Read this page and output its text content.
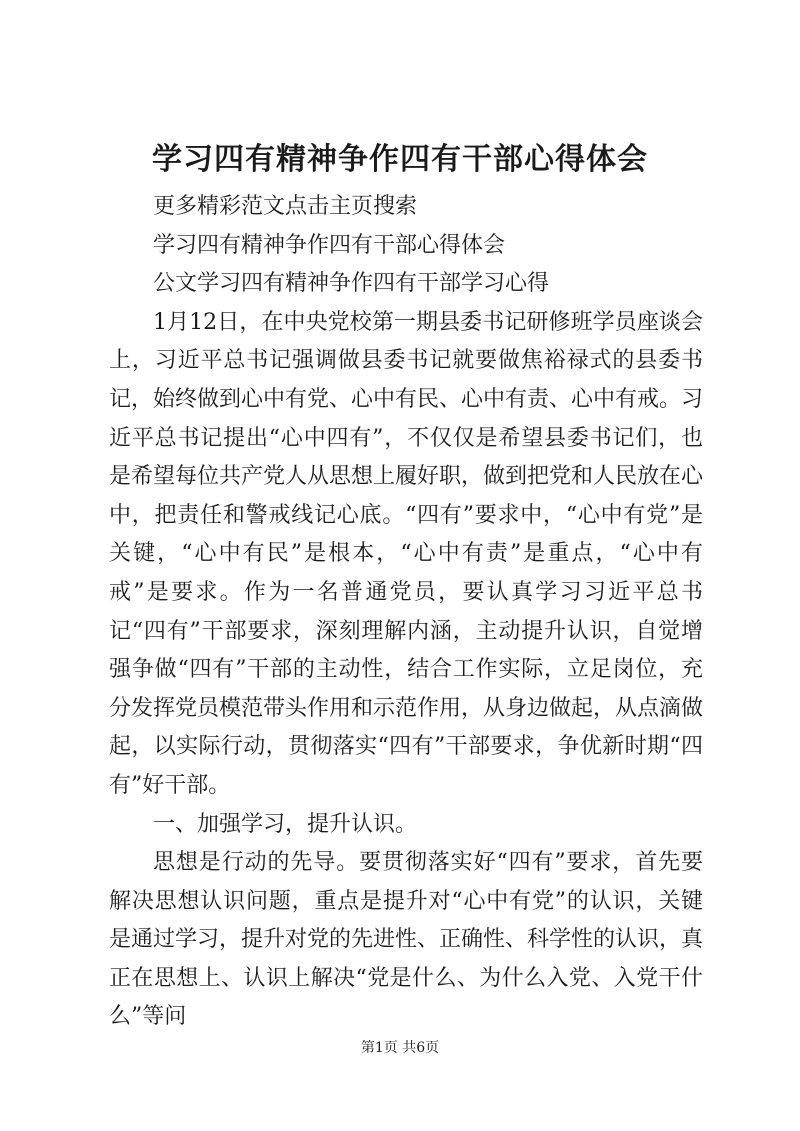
学习四有精神争作四有干部心得体会

更多精彩范文点击主页搜索

学习四有精神争作四有干部心得体会

公文学习四有精神争作四有干部学习心得

1月12日，在中央党校第一期县委书记研修班学员座谈会上，习近平总书记强调做县委书记就要做焦裕禄式的县委书记，始终做到心中有党、心中有民、心中有责、心中有戒。习近平总书记提出“心中四有”，不仅仅是希望县委书记们，也是希望每位共产党人从思想上履好职，做到把党和人民放在心中，把责任和警戒线记心底。“四有”要求中，“心中有党”是关键，“心中有民”是根本，“心中有责”是重点，“心中有戒”是要求。作为一名普通党员，要认真学习习近平总书记“四有”干部要求，深刻理解内涵，主动提升认识，自觉增强争做“四有”干部的主动性，结合工作实际，立足岗位，充分发挥党员模范带头作用和示范作用，从身边做起，从点滴做起，以实际行动，贯彻落实“四有”干部要求，争优新时期“四有”好干部。

一、加强学习，提升认识。

思想是行动的先导。要贯彻落实好“四有”要求，首先要解决思想认识问题，重点是提升对“心中有党”的认识，关键是通过学习，提升对党的先进性、正确性、科学性的认识，真正在思想上、认识上解决“党是什么、为什么入党、入党干什么”等问

第1页 共6页
